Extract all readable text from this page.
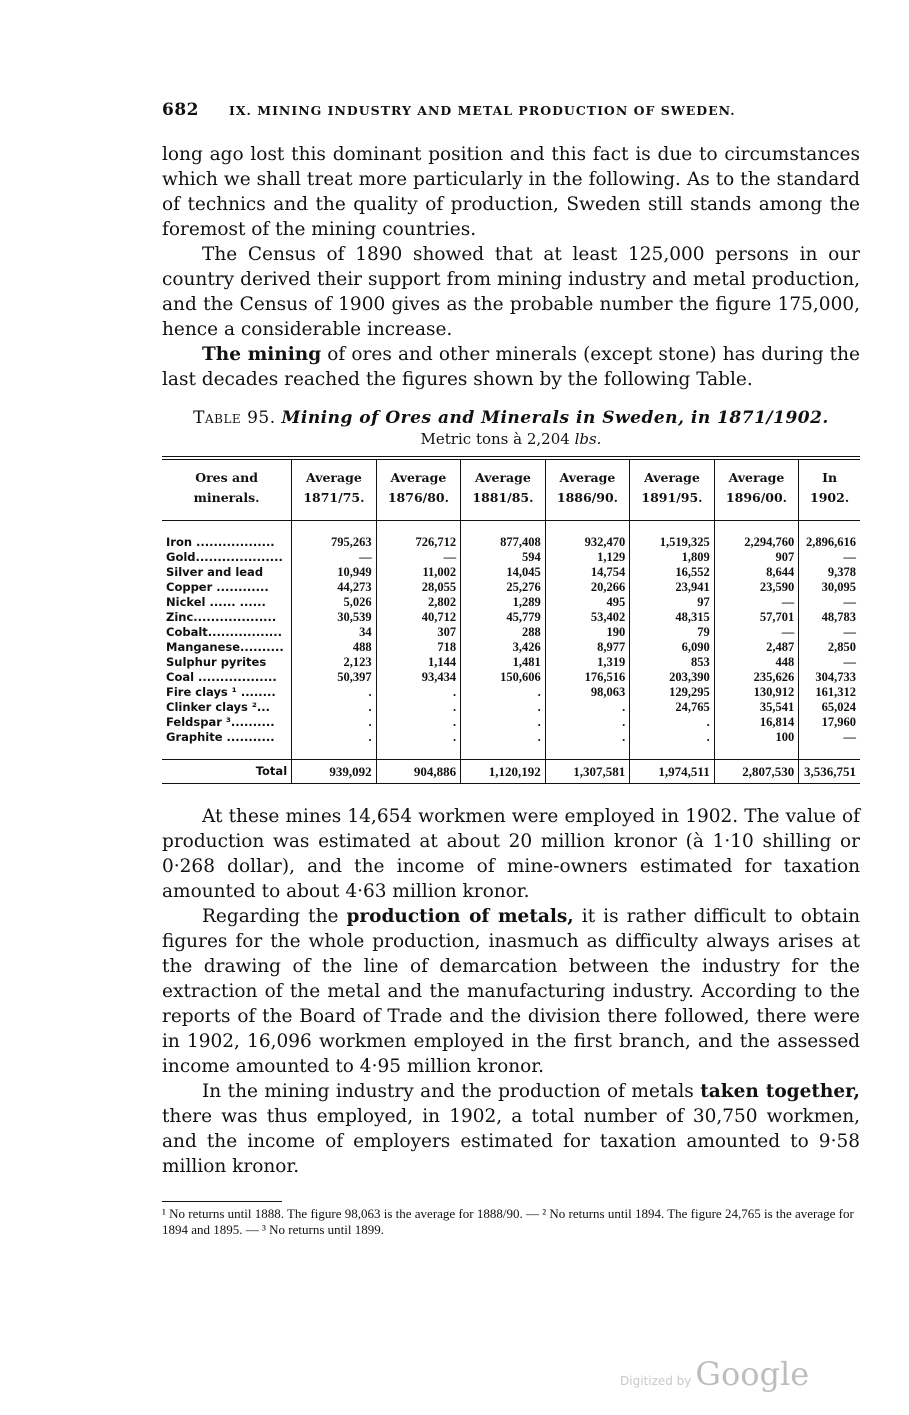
682 IX. MINING INDUSTRY AND METAL PRODUCTION OF SWEDEN.

long ago lost this dominant position and this fact is due to circumstances which we shall treat more particularly in the following. As to the standard of technics and the quality of production, Sweden still stands among the foremost of the mining countries.

The Census of 1890 showed that at least 125,000 persons in our country derived their support from mining industry and metal production, and the Census of 1900 gives as the probable number the figure 175,000, hence a considerable increase.

The mining of ores and other minerals (except stone) has during the last decades reached the figures shown by the following Table.

Table 95. Mining of Ores and Minerals in Sweden, in 1871/1902.
Metric tons à 2,204 lbs.
Ores and minerals.	Average 1871/75.	Average 1876/80.	Average 1881/85.	Average 1886/90.	Average 1891/95.	Average 1896/00.	In 1902.

Iron ..................	795,263	726,712	877,408	932,470	1,519,325	2,294,760	2,896,616
Gold....................	—	—	594	1,129	1,809	907	—
Silver and lead	10,949	11,002	14,045	14,754	16,552	8,644	9,378
Copper ............	44,273	28,055	25,276	20,266	23,941	23,590	30,095
Nickel ...... ......	5,026	2,802	1,289	495	97	—	—
Zinc...................	30,539	40,712	45,779	53,402	48,315	57,701	48,783
Cobalt.................	34	307	288	190	79	—	—
Manganese..........	488	718	3,426	8,977	6,090	2,487	2,850
Sulphur pyrites	2,123	1,144	1,481	1,319	853	448	—
Coal ..................	50,397	93,434	150,606	176,516	203,390	235,626	304,733
Fire clays ¹ ........	.	.	.	98,063	129,295	130,912	161,312
Clinker clays ²...	.	.	.	.	24,765	35,541	65,024
Feldspar ³..........	.	.	.	.	.	16,814	17,960
Graphite ...........	.	.	.	.	.	100	—

Total	939,092	904,886	1,120,192	1,307,581	1,974,511	2,807,530	3,536,751

At these mines 14,654 workmen were employed in 1902. The value of production was estimated at about 20 million kronor (à 1·10 shilling or 0·268 dollar), and the income of mine-owners estimated for taxation amounted to about 4·63 million kronor.

Regarding the production of metals, it is rather difficult to obtain figures for the whole production, inasmuch as difficulty always arises at the drawing of the line of demarcation between the industry for the extraction of the metal and the manufacturing industry. According to the reports of the Board of Trade and the division there followed, there were in 1902, 16,096 workmen employed in the first branch, and the assessed income amounted to 4·95 million kronor.

In the mining industry and the production of metals taken together, there was thus employed, in 1902, a total number of 30,750 workmen, and the income of employers estimated for taxation amounted to 9·58 million kronor.

¹ No returns until 1888. The figure 98,063 is the average for 1888/90. — ² No returns until 1894. The figure 24,765 is the average for 1894 and 1895. — ³ No returns until 1899.
Digitized by Google
